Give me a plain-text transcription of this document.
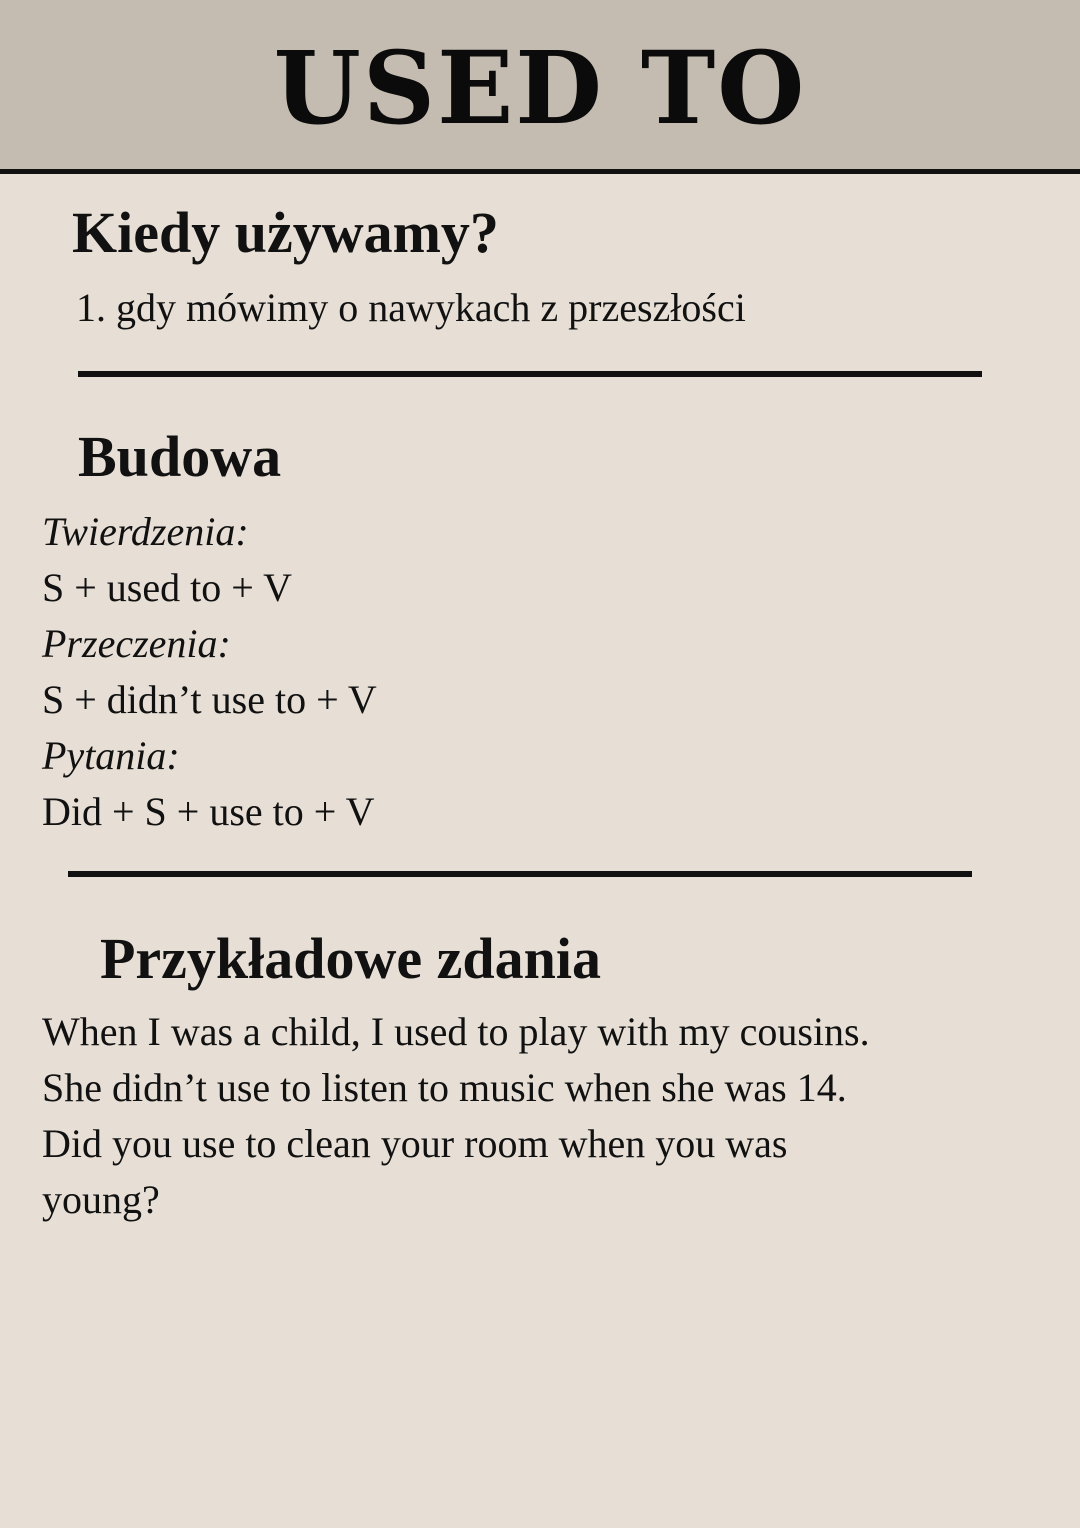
USED TO
Kiedy używamy?
1. gdy mówimy o nawykach z przeszłości
Budowa
Twierdzenia:
S + used to + V
Przeczenia:
S + didn’t use to + V
Pytania:
Did + S + use to + V
Przykładowe zdania
When I was a child, I used to play with my cousins.
She didn’t use to listen to music when she was 14.
Did you use to clean your room when you was
young?
